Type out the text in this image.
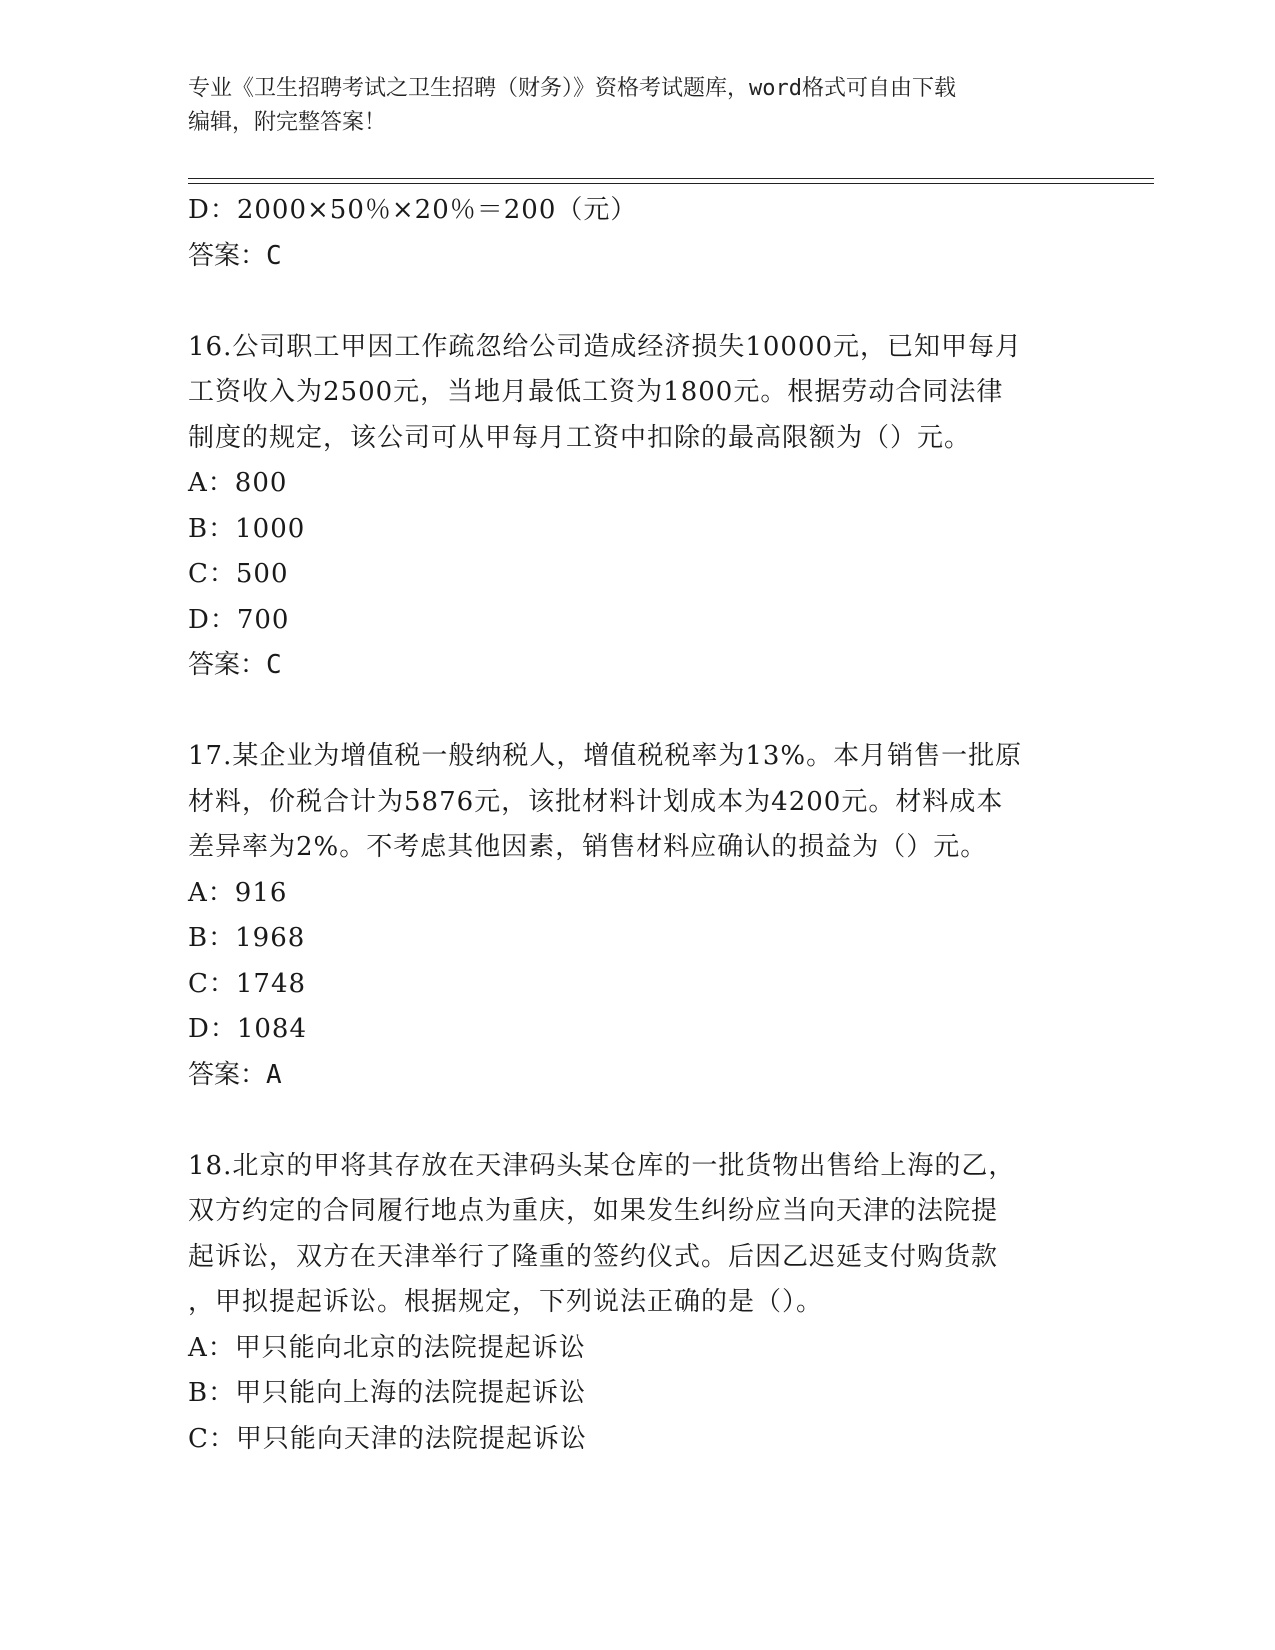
专业《卫生招聘考试之卫生招聘（财务）》资格考试题库，word格式可自由下载
编辑，附完整答案！
D：2000×50％×20％＝200（元）
答案：C
16.公司职工甲因工作疏忽给公司造成经济损失10000元，已知甲每月
工资收入为2500元，当地月最低工资为1800元。根据劳动合同法律
制度的规定，该公司可从甲每月工资中扣除的最高限额为（）元。
A：800
B：1000
C：500
D：700
答案：C
17.某企业为增值税一般纳税人，增值税税率为13%。本月销售一批原
材料，价税合计为5876元，该批材料计划成本为4200元。材料成本
差异率为2%。不考虑其他因素，销售材料应确认的损益为（）元。
A：916
B：1968
C：1748
D：1084
答案：A
18.北京的甲将其存放在天津码头某仓库的一批货物出售给上海的乙，
双方约定的合同履行地点为重庆，如果发生纠纷应当向天津的法院提
起诉讼，双方在天津举行了隆重的签约仪式。后因乙迟延支付购货款
，甲拟提起诉讼。根据规定，下列说法正确的是（）。
A：甲只能向北京的法院提起诉讼
B：甲只能向上海的法院提起诉讼
C：甲只能向天津的法院提起诉讼
